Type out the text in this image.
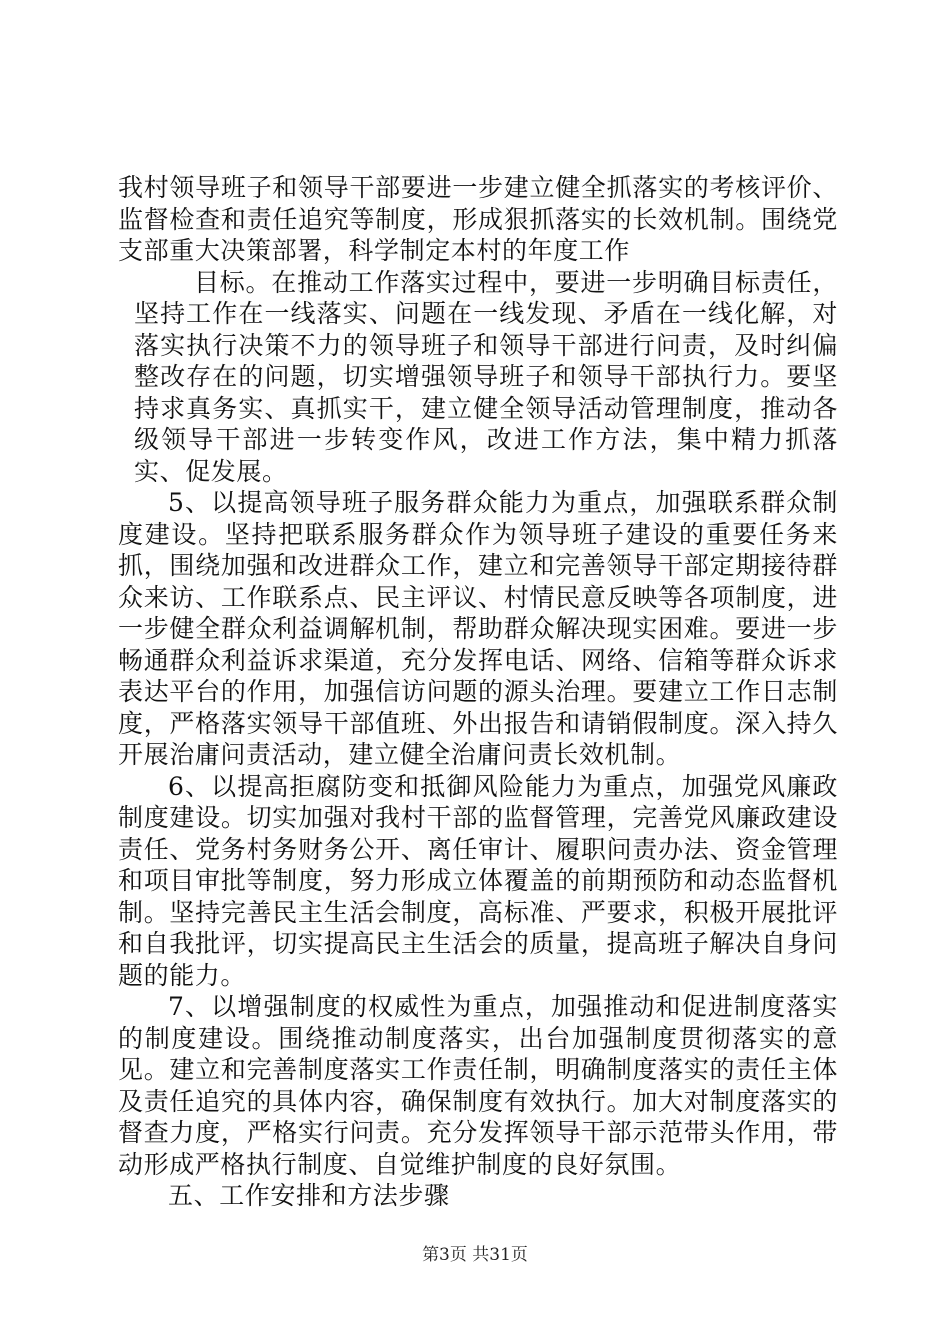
我村领导班子和领导干部要进一步建立健全抓落实的考核评价、监督检查和责任追究等制度，形成狠抓落实的长效机制。围绕党支部重大决策部署，科学制定本村的年度工作

目标。在推动工作落实过程中，要进一步明确目标责任，坚持工作在一线落实、问题在一线发现、矛盾在一线化解，对落实执行决策不力的领导班子和领导干部进行问责，及时纠偏整改存在的问题，切实增强领导班子和领导干部执行力。要坚持求真务实、真抓实干，建立健全领导活动管理制度，推动各级领导干部进一步转变作风，改进工作方法，集中精力抓落实、促发展。

5、以提高领导班子服务群众能力为重点，加强联系群众制度建设。坚持把联系服务群众作为领导班子建设的重要任务来抓，围绕加强和改进群众工作，建立和完善领导干部定期接待群众来访、工作联系点、民主评议、村情民意反映等各项制度，进一步健全群众利益调解机制，帮助群众解决现实困难。要进一步畅通群众利益诉求渠道，充分发挥电话、网络、信箱等群众诉求表达平台的作用，加强信访问题的源头治理。要建立工作日志制度，严格落实领导干部值班、外出报告和请销假制度。深入持久开展治庸问责活动，建立健全治庸问责长效机制。

6、以提高拒腐防变和抵御风险能力为重点，加强党风廉政制度建设。切实加强对我村干部的监督管理，完善党风廉政建设责任、党务村务财务公开、离任审计、履职问责办法、资金管理和项目审批等制度，努力形成立体覆盖的前期预防和动态监督机制。坚持完善民主生活会制度，高标准、严要求，积极开展批评和自我批评，切实提高民主生活会的质量，提高班子解决自身问题的能力。

7、以增强制度的权威性为重点，加强推动和促进制度落实的制度建设。围绕推动制度落实，出台加强制度贯彻落实的意见。建立和完善制度落实工作责任制，明确制度落实的责任主体及责任追究的具体内容，确保制度有效执行。加大对制度落实的督查力度，严格实行问责。充分发挥领导干部示范带头作用，带动形成严格执行制度、自觉维护制度的良好氛围。

五、工作安排和方法步骤

第3页 共31页
